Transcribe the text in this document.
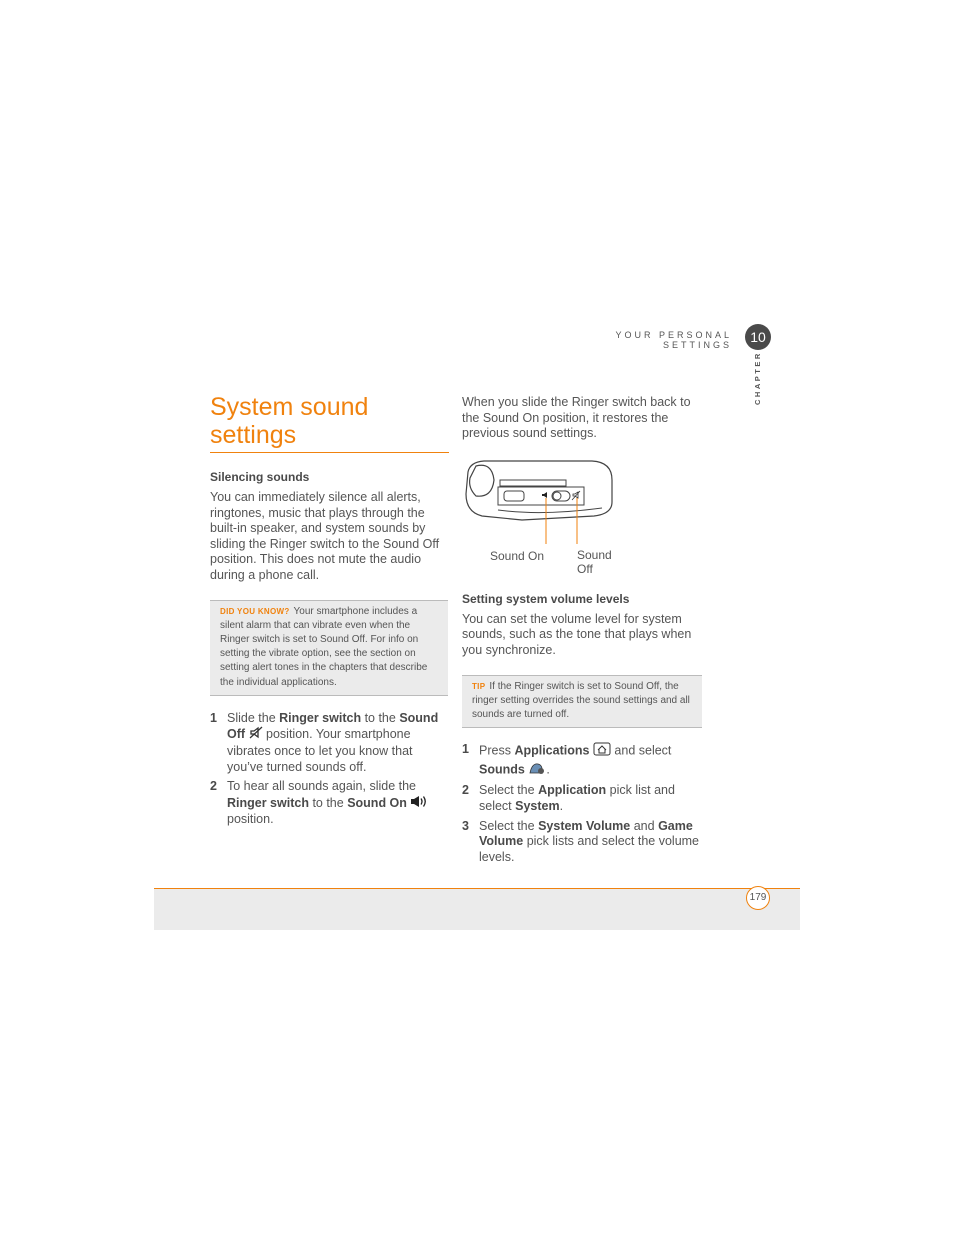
YOUR PERSONAL SETTINGS	10
CHAPTER
System sound
settings
Silencing sounds

You can immediately silence all alerts, ringtones, music that plays through the built-in speaker, and system sounds by sliding the Ringer switch to the Sound Off position. This does not mute the audio during a phone call.

DID YOU KNOW? Your smartphone includes a silent alarm that can vibrate even when the Ringer switch is set to Sound Off. For info on setting the vibrate option, see the section on setting alert tones in the chapters that describe the individual applications.
1 Slide the Ringer switch to the Sound Off  position. Your smartphone vibrates once to let you know that you’ve turned sounds off.
2 To hear all sounds again, slide the Ringer switch to the Sound On  position.

When you slide the Ringer switch back to the Sound On position, it restores the previous sound settings.

Sound On	Sound Off
Setting system volume levels

You can set the volume level for system sounds, such as the tone that plays when you synchronize.

TIP If the Ringer switch is set to Sound Off, the ringer setting overrides the sound settings and all sounds are turned off.
1 Press Applications  and select Sounds .
2 Select the Application pick list and select System.
3 Select the System Volume and Game Volume pick lists and select the volume levels.
179
